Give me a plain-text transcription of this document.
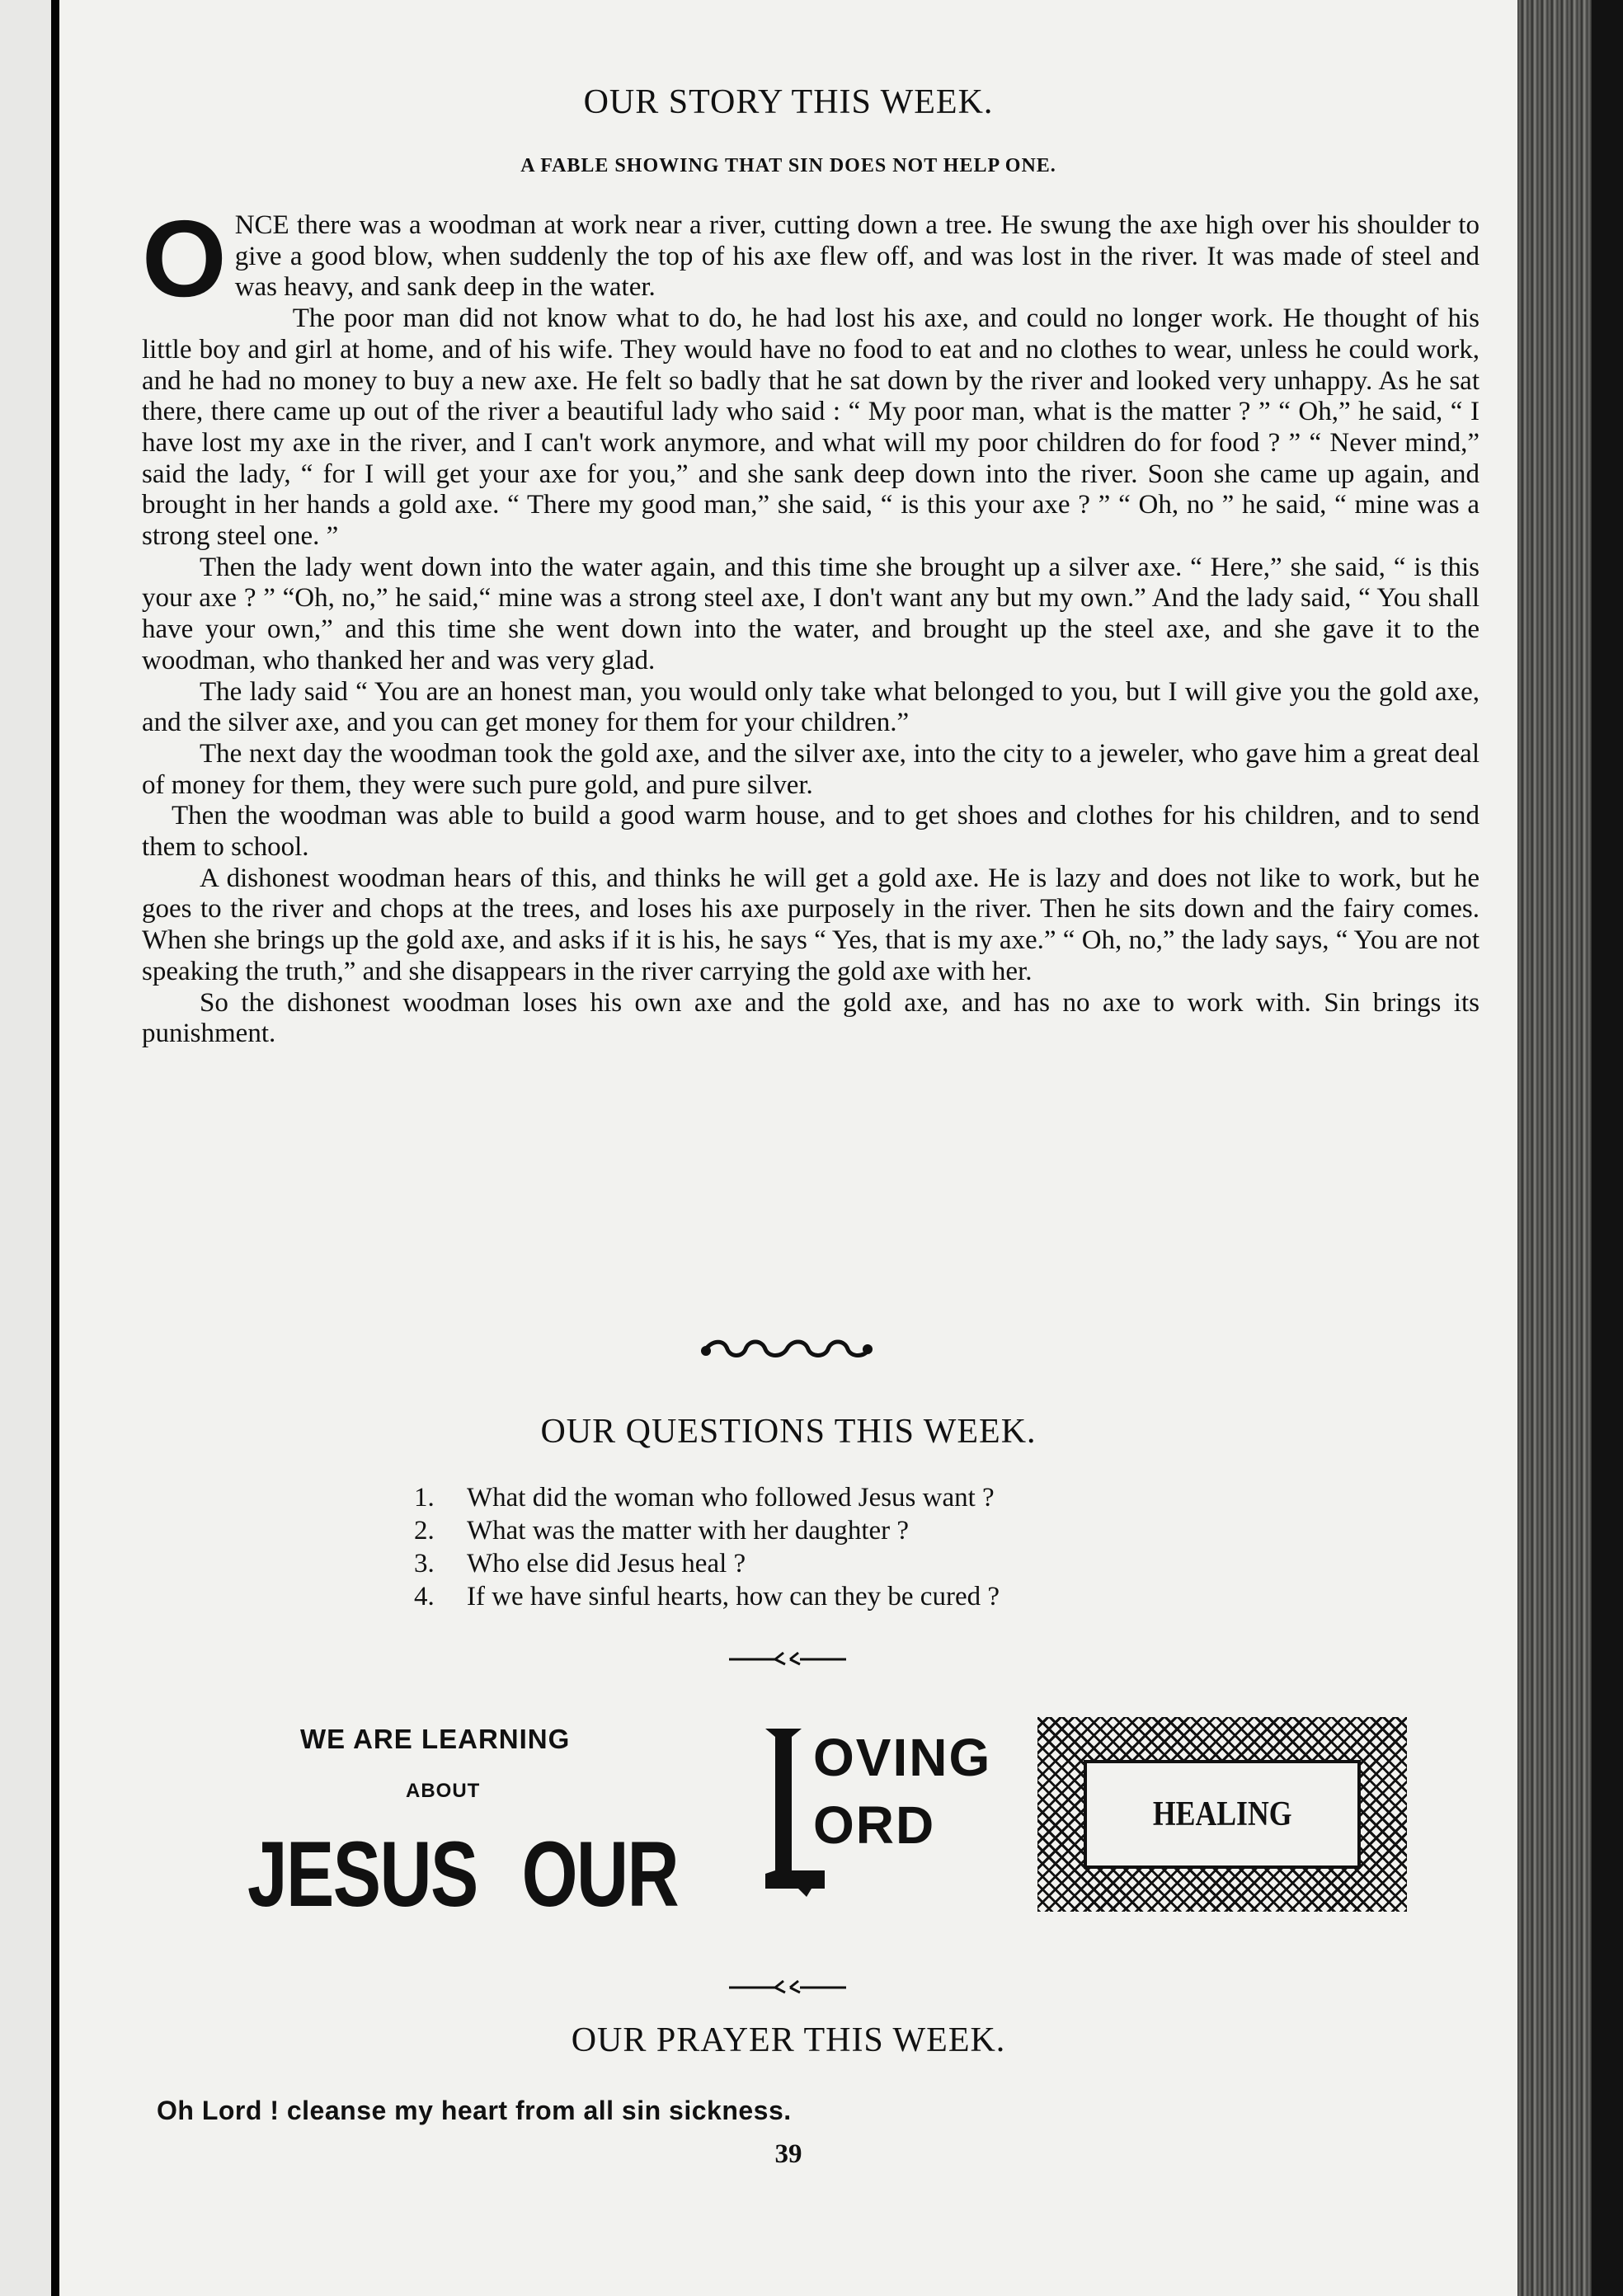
OUR STORY THIS WEEK.
A FABLE SHOWING THAT SIN DOES NOT HELP ONE.

ONCE there was a woodman at work near a river, cutting down a tree. He swung the axe high over his shoulder to give a good blow, when suddenly the top of his axe flew off, and was lost in the river. It was made of steel and was heavy, and sank deep in the water.

The poor man did not know what to do, he had lost his axe, and could no longer work. He thought of his little boy and girl at home, and of his wife. They would have no food to eat and no clothes to wear, unless he could work, and he had no money to buy a new axe. He felt so badly that he sat down by the river and looked very unhappy. As he sat there, there came up out of the river a beautiful lady who said : “ My poor man, what is the matter ? ” “ Oh,” he said, “ I have lost my axe in the river, and I can't work anymore, and what will my poor children do for food ? ” “ Never mind,” said the lady, “ for I will get your axe for you,” and she sank deep down into the river. Soon she came up again, and brought in her hands a gold axe. “ There my good man,” she said, “ is this your axe ? ” “ Oh, no ” he said, “ mine was a strong steel one. ”

Then the lady went down into the water again, and this time she brought up a silver axe. “ Here,” she said, “ is this your axe ? ” “Oh, no,” he said,“ mine was a strong steel axe, I don't want any but my own.” And the lady said, “ You shall have your own,” and this time she went down into the water, and brought up the steel axe, and she gave it to the woodman, who thanked her and was very glad.

The lady said “ You are an honest man, you would only take what belonged to you, but I will give you the gold axe, and the silver axe, and you can get money for them for your children.”

The next day the woodman took the gold axe, and the silver axe, into the city to a jeweler, who gave him a great deal of money for them, they were such pure gold, and pure silver.

Then the woodman was able to build a good warm house, and to get shoes and clothes for his children, and to send them to school.

A dishonest woodman hears of this, and thinks he will get a gold axe. He is lazy and does not like to work, but he goes to the river and chops at the trees, and loses his axe purposely in the river. Then he sits down and the fairy comes. When she brings up the gold axe, and asks if it is his, he says “ Yes, that is my axe.” “ Oh, no,” the lady says, “ You are not speaking the truth,” and she disappears in the river carrying the gold axe with her.

So the dishonest woodman loses his own axe and the gold axe, and has no axe to work with. Sin brings its punishment.

OUR QUESTIONS THIS WEEK.
1.	What did the woman who followed Jesus want ?
2.	What was the matter with her daughter ?
3.	Who else did Jesus heal ?
4.	If we have sinful hearts, how can they be cured ?
WE ARE LEARNING
ABOUT
JESUS OUR
OVING
ORD	HEALING
OUR PRAYER THIS WEEK.
Oh Lord ! cleanse my heart from all sin sickness.
39
